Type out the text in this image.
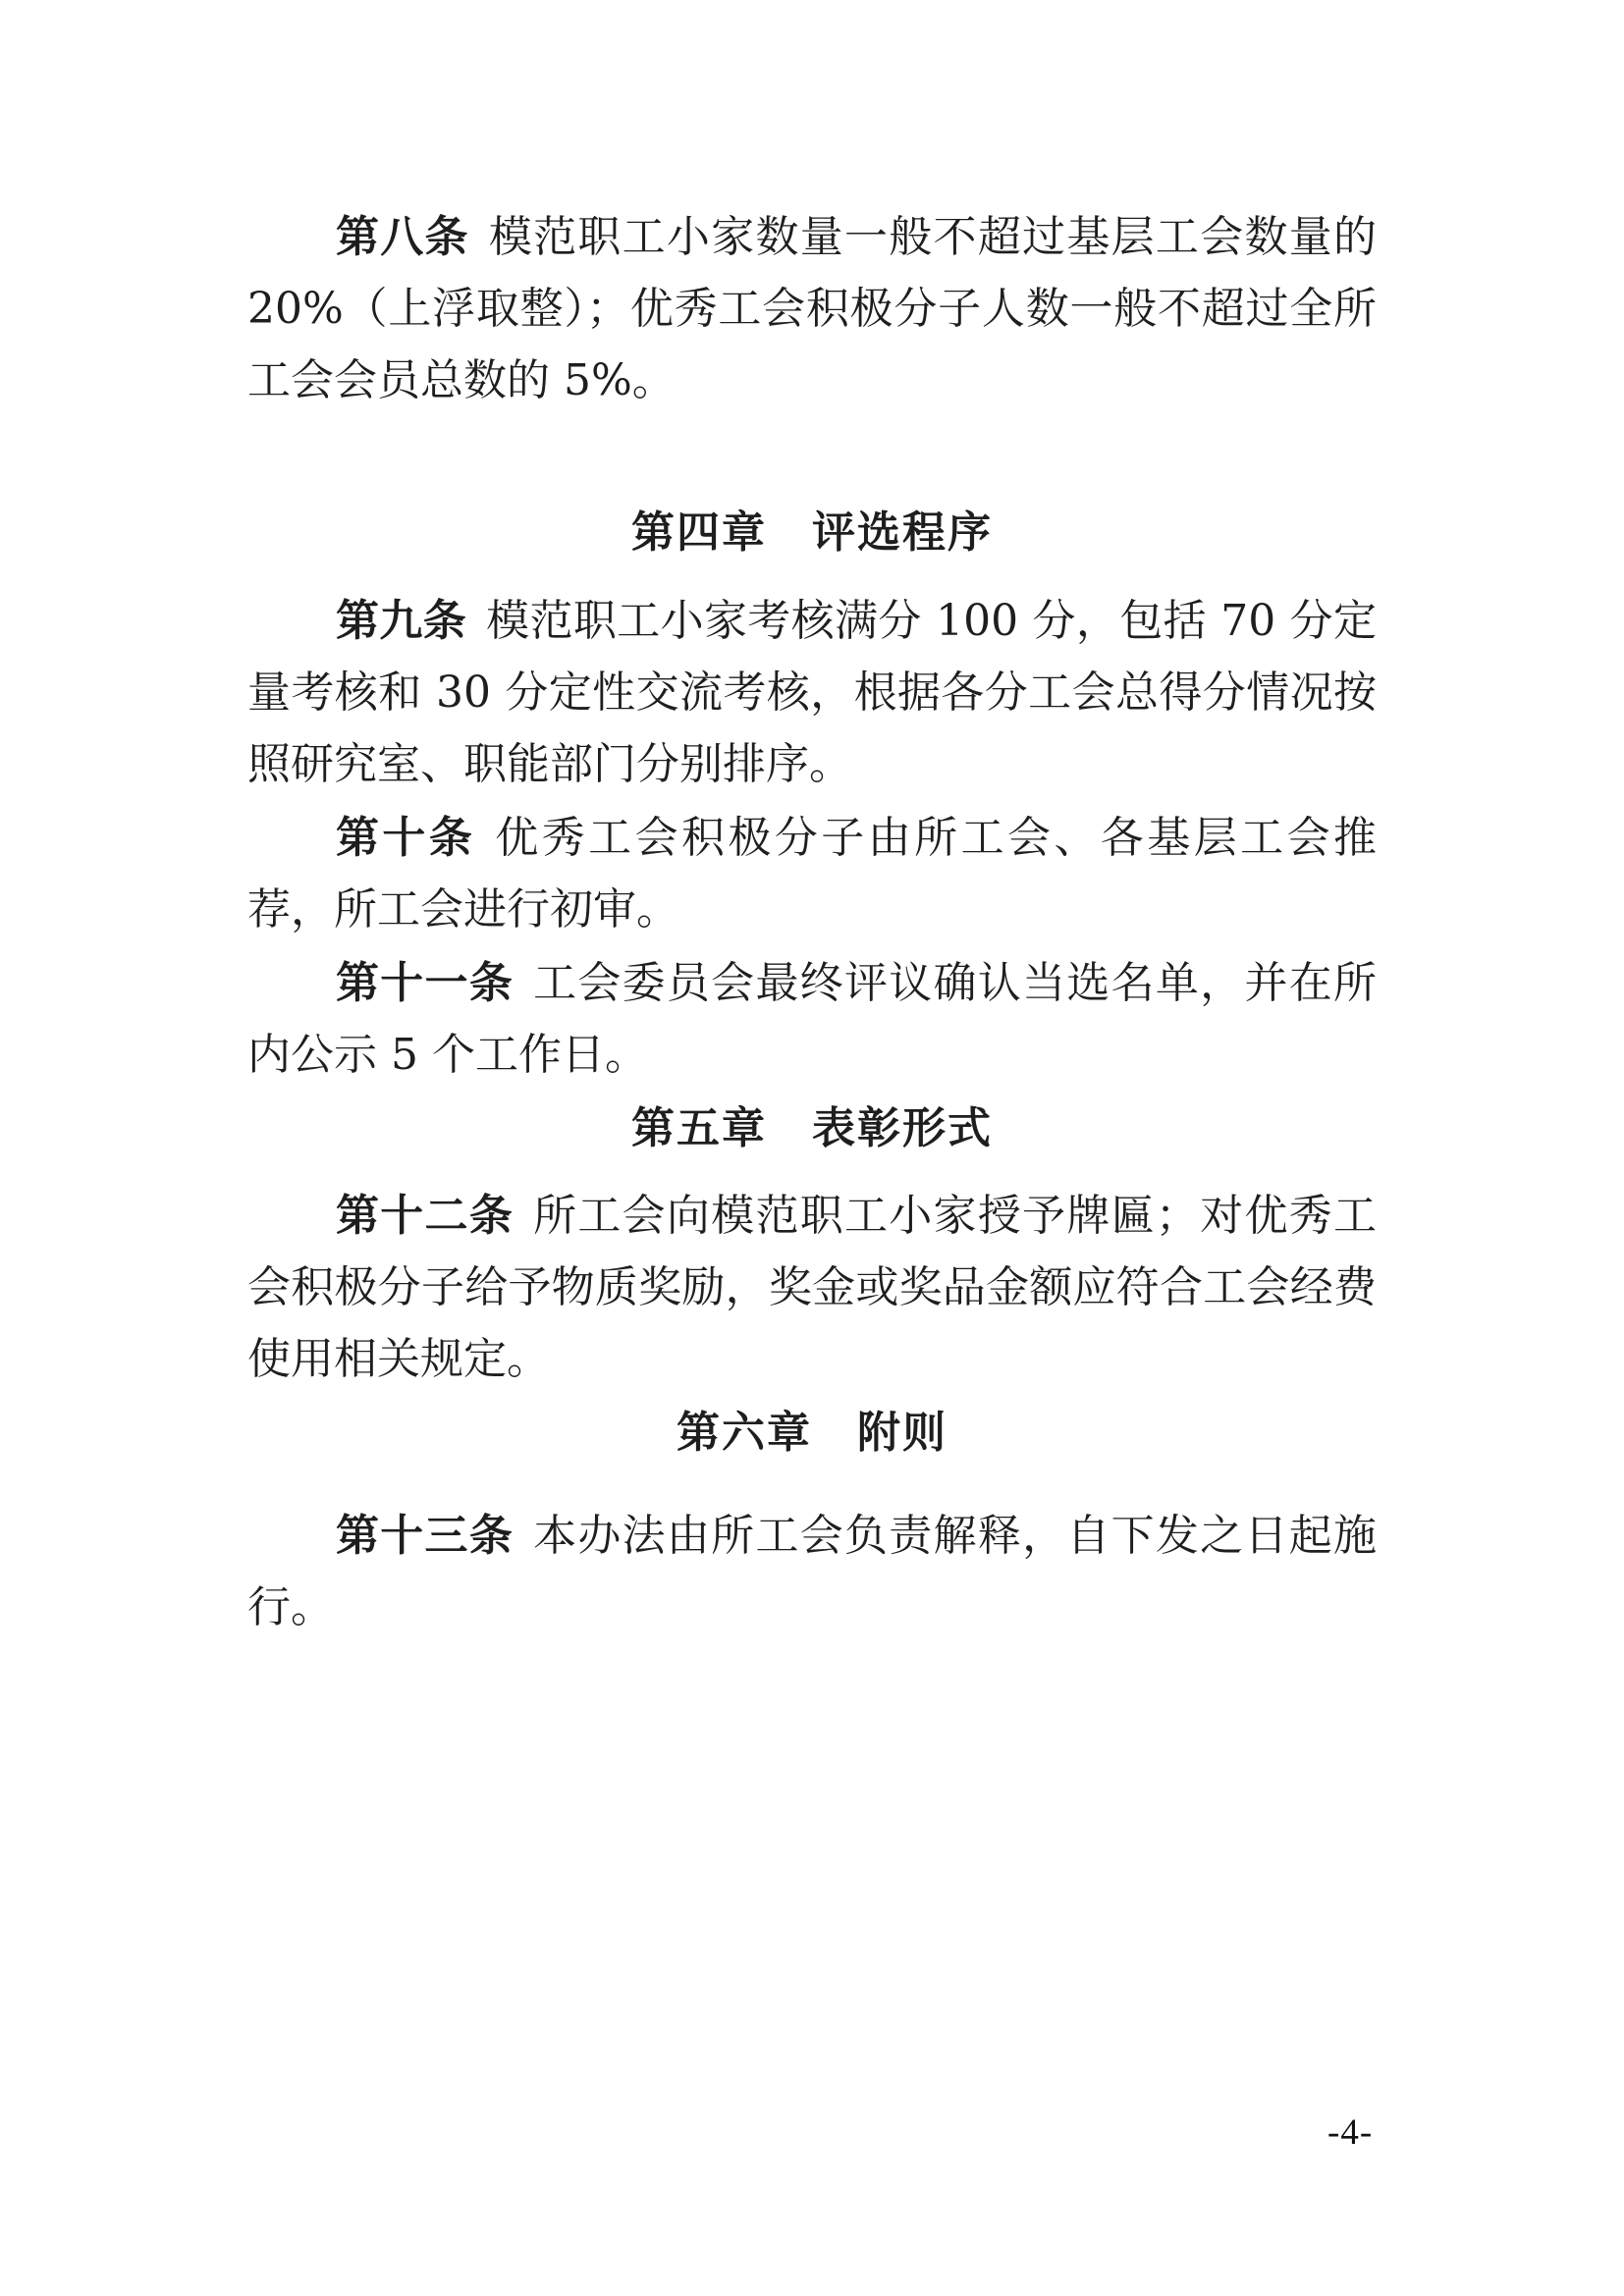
第八条 模范职工小家数量一般不超过基层工会数量的20%（上浮取整）；优秀工会积极分子人数一般不超过全所工会会员总数的 5%。

第四章　评选程序

第九条 模范职工小家考核满分 100 分，包括 70 分定量考核和 30 分定性交流考核，根据各分工会总得分情况按照研究室、职能部门分别排序。

第十条 优秀工会积极分子由所工会、各基层工会推荐，所工会进行初审。

第十一条 工会委员会最终评议确认当选名单，并在所内公示 5 个工作日。

第五章　表彰形式

第十二条 所工会向模范职工小家授予牌匾；对优秀工会积极分子给予物质奖励，奖金或奖品金额应符合工会经费使用相关规定。

第六章　附则

第十三条 本办法由所工会负责解释，自下发之日起施行。

-4-
